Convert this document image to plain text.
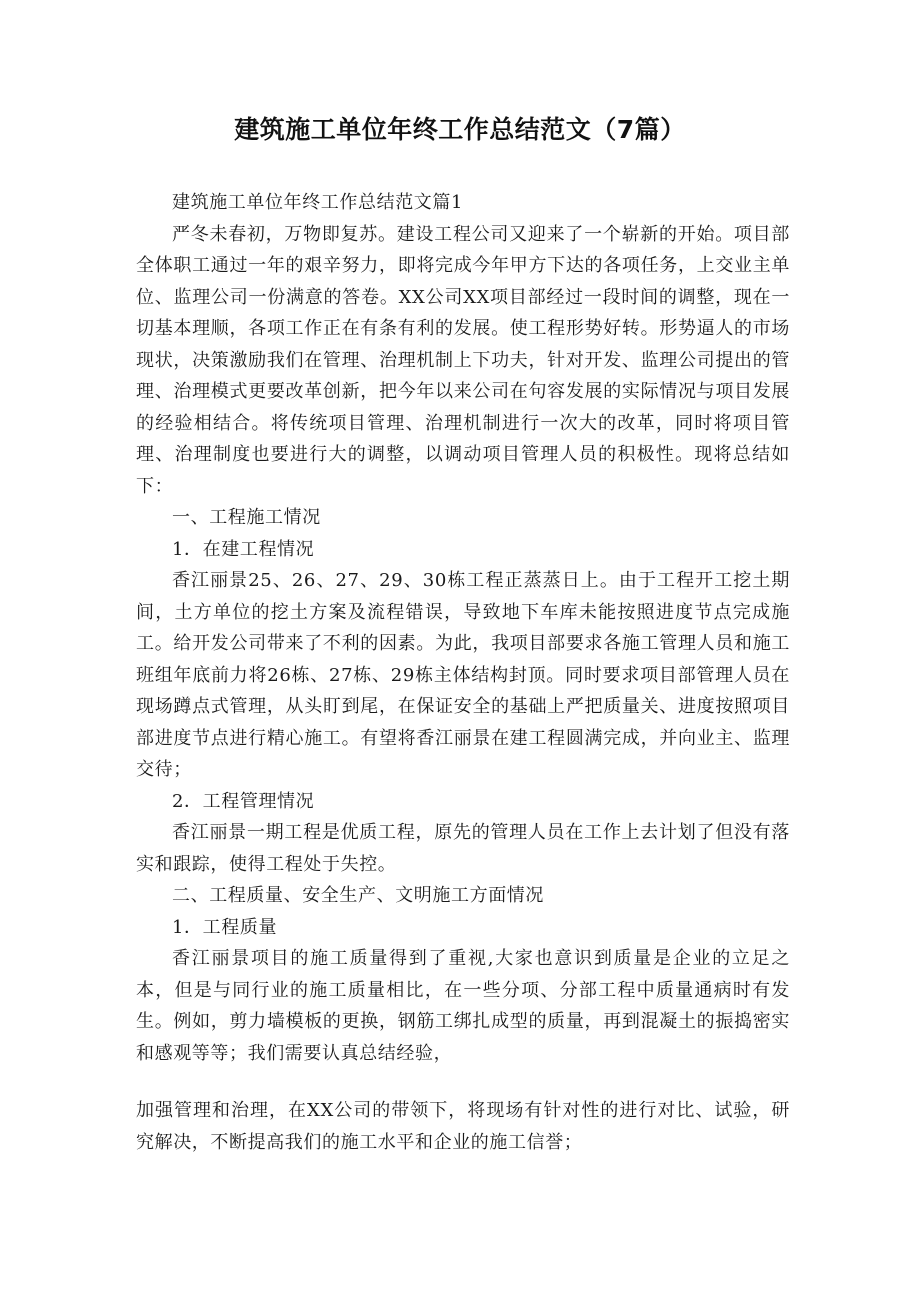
建筑施工单位年终工作总结范文（7篇）

建筑施工单位年终工作总结范文篇1

严冬未春初，万物即复苏。建设工程公司又迎来了一个崭新的开始。项目部全体职工通过一年的艰辛努力，即将完成今年甲方下达的各项任务，上交业主单位、监理公司一份满意的答卷。XX公司XX项目部经过一段时间的调整，现在一切基本理顺，各项工作正在有条有利的发展。使工程形势好转。形势逼人的市场现状，决策激励我们在管理、治理机制上下功夫，针对开发、监理公司提出的管理、治理模式更要改革创新，把今年以来公司在句容发展的实际情况与项目发展的经验相结合。将传统项目管理、治理机制进行一次大的改革，同时将项目管理、治理制度也要进行大的调整，以调动项目管理人员的积极性。现将总结如下：

一、工程施工情况

1．在建工程情况

香江丽景25、26、27、29、30栋工程正蒸蒸日上。由于工程开工挖土期间，土方单位的挖土方案及流程错误，导致地下车库未能按照进度节点完成施工。给开发公司带来了不利的因素。为此，我项目部要求各施工管理人员和施工班组年底前力将26栋、27栋、29栋主体结构封顶。同时要求项目部管理人员在现场蹲点式管理，从头盯到尾，在保证安全的基础上严把质量关、进度按照项目部进度节点进行精心施工。有望将香江丽景在建工程圆满完成，并向业主、监理交待；

2．工程管理情况

香江丽景一期工程是优质工程，原先的管理人员在工作上去计划了但没有落实和跟踪，使得工程处于失控。

二、工程质量、安全生产、文明施工方面情况

1．工程质量

香江丽景项目的施工质量得到了重视,大家也意识到质量是企业的立足之本，但是与同行业的施工质量相比，在一些分项、分部工程中质量通病时有发生。例如，剪力墙模板的更换，钢筋工绑扎成型的质量，再到混凝土的振捣密实和感观等等；我们需要认真总结经验，

加强管理和治理，在XX公司的带领下，将现场有针对性的进行对比、试验，研究解决，不断提高我们的施工水平和企业的施工信誉；
